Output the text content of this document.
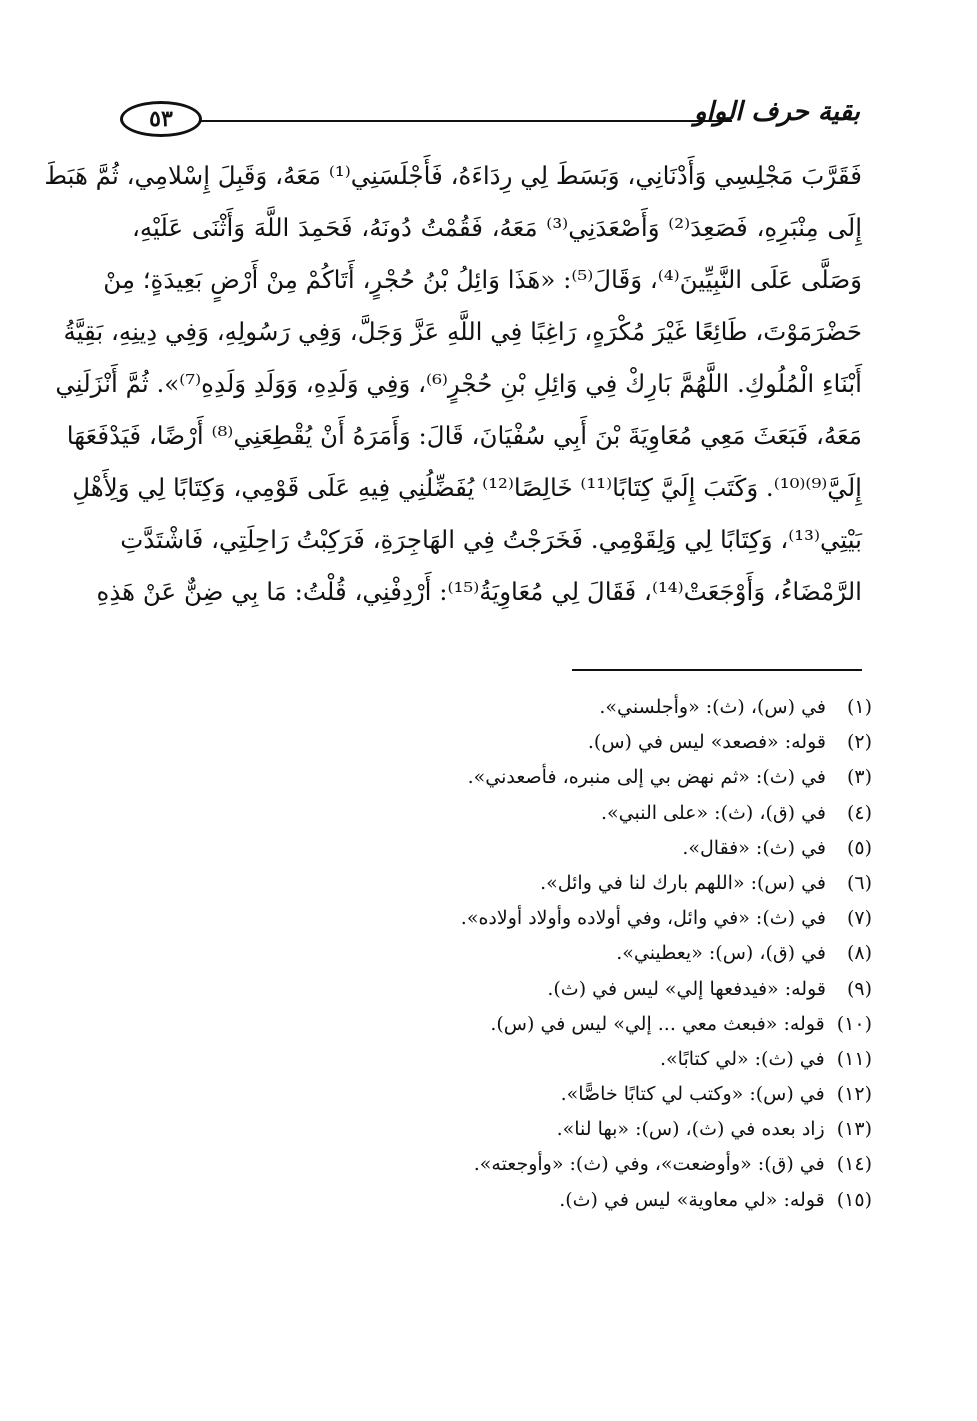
٥٣	بقية حرف الواو
فَقَرَّبَ مَجْلِسِي وَأَدْنَانِي، وَبَسَطَ لِي رِدَاءَهُ، فَأَجْلَسَنِي⁽¹⁾ مَعَهُ، وَقَبِلَ إِسْلامِي، ثُمَّ هَبَطَ
إِلَى مِنْبَرِهِ، فَصَعِدَ⁽²⁾ وَأَصْعَدَنِي⁽³⁾ مَعَهُ، فَقُمْتُ دُونَهُ، فَحَمِدَ اللَّهَ وَأَثْنَى عَلَيْهِ،
وَصَلَّى عَلَى النَّبِيِّينَ⁽⁴⁾، وَقَالَ⁽⁵⁾: «هَذَا وَائِلُ بْنُ حُجْرٍ، أَتَاكُمْ مِنْ أَرْضٍ بَعِيدَةٍ؛ مِنْ
حَضْرَمَوْتَ، طَائِعًا غَيْرَ مُكْرَهٍ، رَاغِبًا فِي اللَّهِ عَزَّ وَجَلَّ، وَفِي رَسُولِهِ، وَفِي دِينِهِ، بَقِيَّةُ
أَبْنَاءِ الْمُلُوكِ. اللَّهُمَّ بَارِكْ فِي وَائِلِ بْنِ حُجْرٍ⁽⁶⁾، وَفِي وَلَدِهِ، وَوَلَدِ وَلَدِهِ⁽⁷⁾». ثُمَّ أَنْزَلَنِي
مَعَهُ، فَبَعَثَ مَعِي مُعَاوِيَةَ بْنَ أَبِي سُفْيَانَ، قَالَ: وَأَمَرَهُ أَنْ يُقْطِعَنِي⁽⁸⁾ أَرْضًا، فَيَدْفَعَهَا
إِلَيَّ⁽⁹⁾⁽¹⁰⁾. وَكَتَبَ إِلَيَّ كِتَابًا⁽¹¹⁾ خَالِصًا⁽¹²⁾ يُفَضِّلُنِي فِيهِ عَلَى قَوْمِي، وَكِتَابًا لِي وَلِأَهْلِ
بَيْتِي⁽¹³⁾، وَكِتَابًا لِي وَلِقَوْمِي. فَخَرَجْتُ فِي الهَاجِرَةِ، فَرَكِبْتُ رَاحِلَتِي، فَاشْتَدَّتِ
الرَّمْضَاءُ، وَأَوْجَعَتْ⁽¹⁴⁾، فَقَالَ لِي مُعَاوِيَةُ⁽¹⁵⁾: أَرْدِفْنِي، قُلْتُ: مَا بِي ضِنٌّ عَنْ هَذِهِ
(١)
في (س)، (ث): «وأجلسني».
(٢)
قوله: «فصعد» ليس في (س).
(٣)
في (ث): «ثم نهض بي إلى منبره، فأصعدني».
(٤)
في (ق)، (ث): «على النبي».
(٥)
في (ث): «فقال».
(٦)
في (س): «اللهم بارك لنا في وائل».
(٧)
في (ث): «في وائل، وفي أولاده وأولاد أولاده».
(٨)
في (ق)، (س): «يعطيني».
(٩)
قوله: «فيدفعها إلي» ليس في (ث).
(١٠)
قوله: «فبعث معي ... إلي» ليس في (س).
(١١)
في (ث): «لي كتابًا».
(١٢)
في (س): «وكتب لي كتابًا خاصًّا».
(١٣)
زاد بعده في (ث)، (س): «بها لنا».
(١٤)
في (ق): «وأوضعت»، وفي (ث): «وأوجعته».
(١٥)
قوله: «لي معاوية» ليس في (ث).
